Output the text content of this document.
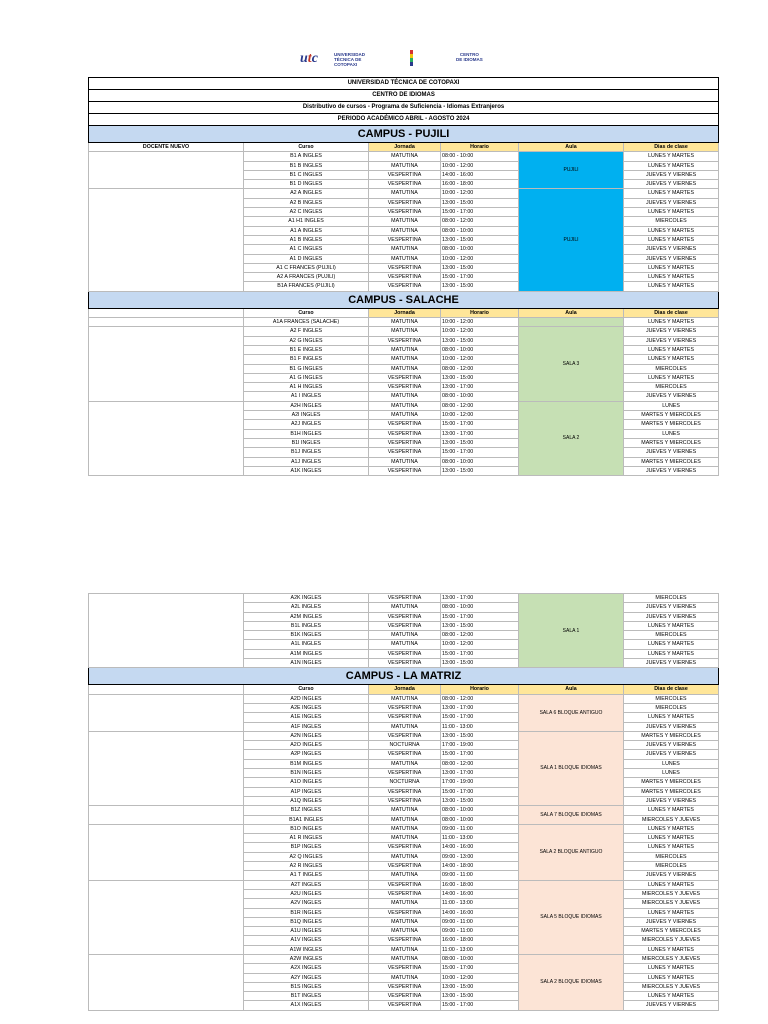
utc	UNIVERSIDAD
TÉCNICA DE
COTOPAXI
CENTRO
DE IDIOMAS
UNIVERSIDAD TÉCNICA DE COTOPAXI					
CENTRO DE IDIOMAS					
Distributivo de cursos - Programa de Suficiencia - Idiomas Extranjeros					
PERIODO ACADÉMICO ABRIL - AGOSTO 2024					
CAMPUS - PUJILI					
DOCENTE NUEVO	Curso	Jornada	Horario	Aula	Dias de clase
	B1 A INGLES	MATUTINA	08:00 - 10:00	PUJILI	LUNES Y MARTES
	B1 B INGLES	MATUTINA	10:00 - 12:00		LUNES Y MARTES
	B1 C INGLES	VESPERTINA	14:00 - 16:00		JUEVES Y VIERNES
	B1 D INGLES	VESPERTINA	16:00 - 18:00		JUEVES Y VIERNES
	A2 A INGLES	MATUTINA	10:00 - 12:00	PUJILI	LUNES Y MARTES
	A2 B INGLES	VESPERTINA	13:00 - 15:00		JUEVES Y VIERNES
	A2 C INGLES	VESPERTINA	15:00 - 17:00		LUNES Y MARTES
	A1 H1 INGLES	MATUTINA	08:00 - 12:00		MIERCOLES
	A1 A INGLES	MATUTINA	08:00 - 10:00		LUNES Y MARTES
	A1 B INGLES	VESPERTINA	13:00 - 15:00		LUNES Y MARTES
	A1 C INGLES	MATUTINA	08:00 - 10:00		JUEVES Y VIERNES
	A1 D INGLES	MATUTINA	10:00 - 12:00		JUEVES Y VIERNES
	A1 C FRANCES (PUJILI)	VESPERTINA	13:00 - 15:00		LUNES Y MARTES
	A2 A FRANCES (PUJILI)	VESPERTINA	15:00 - 17:00		LUNES Y MARTES
	B1A FRANCES (PUJILI)	VESPERTINA	13:00 - 15:00		LUNES Y MARTES
CAMPUS - SALACHE					
	Curso	Jornada	Horario	Aula	Dias de clase
	A1A FRANCES (SALACHE)	MATUTINA	10:00 - 12:00		LUNES Y MARTES
	A2 F INGLES	MATUTINA	10:00 - 12:00	SALA 3	JUEVES Y VIERNES
	A2 G INGLES	VESPERTINA	13:00 - 15:00		JUEVES Y VIERNES
	B1 E INGLES	MATUTINA	08:00 - 10:00		LUNES Y MARTES
	B1 F INGLES	MATUTINA	10:00 - 12:00		LUNES Y MARTES
	B1 G INGLES	MATUTINA	08:00 - 12:00		MIERCOLES
	A1 G INGLES	VESPERTINA	13:00 - 15:00		LUNES Y MARTES
	A1 H INGLES	VESPERTINA	13:00 - 17:00		MIERCOLES
	A1 I INGLES	MATUTINA	08:00 - 10:00		JUEVES Y VIERNES
	A2H INGLES	MATUTINA	08:00 - 12:00	SALA 2	LUNES
	A2I INGLES	MATUTINA	10:00 - 12:00		MARTES Y MIERCOLES
	A2J INGLES	VESPERTINA	15:00 - 17:00		MARTES Y MIERCOLES
	B1H INGLES	VESPERTINA	13:00 - 17:00		LUNES
	B1I INGLES	VESPERTINA	13:00 - 15:00		MARTES Y MIERCOLES
	B1J INGLES	VESPERTINA	15:00 - 17:00		JUEVES Y VIERNES
	A1J INGLES	MATUTINA	08:00 - 10:00		MARTES Y MIERCOLES
	A1K INGLES	VESPERTINA	13:00 - 15:00		JUEVES Y VIERNES
	A2K INGLES	VESPERTINA	13:00 - 17:00	SALA 1	MIERCOLES
	A2L INGLES	MATUTINA	08:00 - 10:00		JUEVES Y VIERNES
	A2M INGLES	VESPERTINA	15:00 - 17:00		JUEVES Y VIERNES
	B1L INGLES	VESPERTINA	13:00 - 15:00		LUNES Y MARTES
	B1K INGLES	MATUTINA	08:00 - 12:00		MIERCOLES
	A1L INGLES	MATUTINA	10:00 - 12:00		LUNES Y MARTES
	A1M INGLES	VESPERTINA	15:00 - 17:00		LUNES Y MARTES
	A1N INGLES	VESPERTINA	13:00 - 15:00		JUEVES Y VIERNES
CAMPUS - LA MATRIZ					
	Curso	Jornada	Horario	Aula	Dias de clase
	A2D INGLES	MATUTINA	08:00 - 12:00	SALA 6 BLOQUE ANTIGUO	MIERCOLES
	A2E INGLES	VESPERTINA	13:00 - 17:00		MIERCOLES
	A1E INGLES	VESPERTINA	15:00 - 17:00		LUNES Y MARTES
	A1F INGLES	MATUTINA	11:00 - 13:00		JUEVES Y VIERNES
	A2N INGLES	VESPERTINA	13:00 - 15:00	SALA 1 BLOQUE IDIOMAS	MARTES Y MIERCOLES
	A2O INGLES	NOCTURNA	17:00 - 19:00		JUEVES Y VIERNES
	A2P INGLES	VESPERTINA	15:00 - 17:00		JUEVES Y VIERNES
	B1M INGLES	MATUTINA	08:00 - 12:00		LUNES
	B1N INGLES	VESPERTINA	13:00 - 17:00		LUNES
	A1O INGLES	NOCTURNA	17:00 - 19:00		MARTES Y MIERCOLES
	A1P INGLES	VESPERTINA	15:00 - 17:00		MARTES Y MIERCOLES
	A1Q INGLES	VESPERTINA	13:00 - 15:00		JUEVES Y VIERNES
	B1Z INGLES	MATUTINA	08:00 - 10:00	SALA 7 BLOQUE IDIOMAS	LUNES Y MARTES
	B1A1 INGLES	MATUTINA	08:00 - 10:00		MIERCOLES Y JUEVES
	B1O INGLES	MATUTINA	09:00 - 11:00	SALA 2 BLOQUE ANTIGUO	LUNES Y MARTES
	A1 R INGLES	MATUTINA	11:00 - 13:00		LUNES Y MARTES
	B1P INGLES	VESPERTINA	14:00 - 16:00		LUNES Y MARTES
	A2 Q INGLES	MATUTINA	09:00 - 13:00		MIERCOLES
	A2 R INGLES	VESPERTINA	14:00 - 18:00		MIERCOLES
	A1 T INGLES	MATUTINA	09:00 - 11:00		JUEVES Y VIERNES
	A2T INGLES	VESPERTINA	16:00 - 18:00	SALA 5 BLOQUE IDIOMAS	LUNES Y MARTES
	A2U INGLES	VESPERTINA	14:00 - 16:00		MIERCOLES Y JUEVES
	A2V INGLES	MATUTINA	11:00 - 13:00		MIERCOLES Y JUEVES
	B1R INGLES	VESPERTINA	14:00 - 16:00		LUNES Y MARTES
	B1Q INGLES	MATUTINA	09:00 - 11:00		JUEVES Y VIERNES
	A1U INGLES	MATUTINA	09:00 - 11:00		MARTES Y MIERCOLES
	A1V INGLES	VESPERTINA	16:00 - 18:00		MIERCOLES Y JUEVES
	A1W INGLES	MATUTINA	11:00 - 13:00		LUNES Y MARTES
	A2W INGLES	MATUTINA	08:00 - 10:00	SALA 2 BLOQUE IDIOMAS	MIERCOLES Y JUEVES
	A2X INGLES	VESPERTINA	15:00 - 17:00		LUNES Y MARTES
	A2Y INGLES	MATUTINA	10:00 - 12:00		LUNES Y MARTES
	B1S INGLES	VESPERTINA	13:00 - 15:00		MIERCOLES Y JUEVES
	B1T INGLES	VESPERTINA	13:00 - 15:00		LUNES Y MARTES
	A1X INGLES	VESPERTINA	15:00 - 17:00		JUEVES Y VIERNES
